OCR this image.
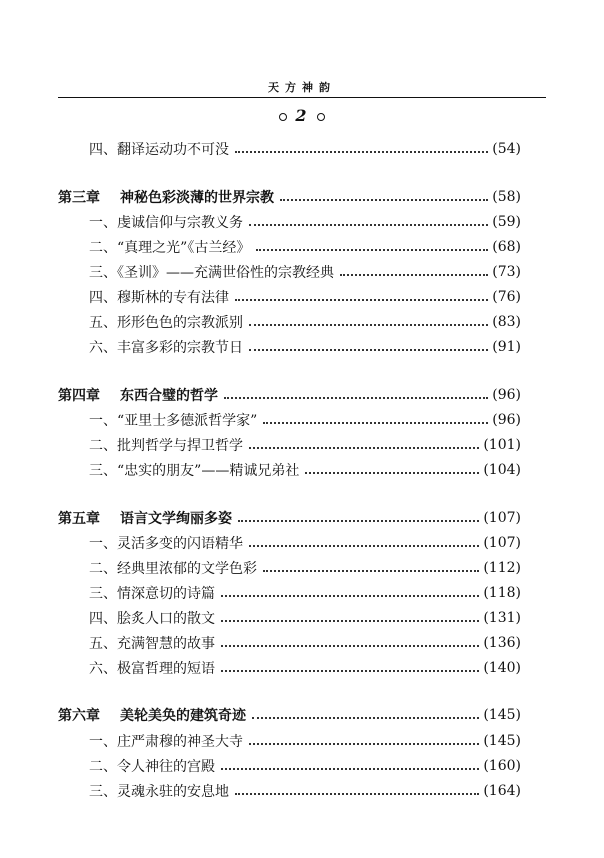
天方神韵
2
四、翻译运动功不可没	(54)
第三章 神秘色彩淡薄的世界宗教	(58)
一、虔诚信仰与宗教义务	(59)
二、“真理之光”《古兰经》	(68)
三、《圣训》——充满世俗性的宗教经典	(73)
四、穆斯林的专有法律	(76)
五、形形色色的宗教派别	(83)
六、丰富多彩的宗教节日	(91)
第四章 东西合璧的哲学	(96)
一、“亚里士多德派哲学家”	(96)
二、批判哲学与捍卫哲学	(101)
三、“忠实的朋友”——精诚兄弟社	(104)
第五章 语言文学绚丽多姿	(107)
一、灵活多变的闪语精华	(107)
二、经典里浓郁的文学色彩	(112)
三、情深意切的诗篇	(118)
四、脍炙人口的散文	(131)
五、充满智慧的故事	(136)
六、极富哲理的短语	(140)
第六章 美轮美奂的建筑奇迹	(145)
一、庄严肃穆的神圣大寺	(145)
二、令人神往的宫殿	(160)
三、灵魂永驻的安息地	(164)
